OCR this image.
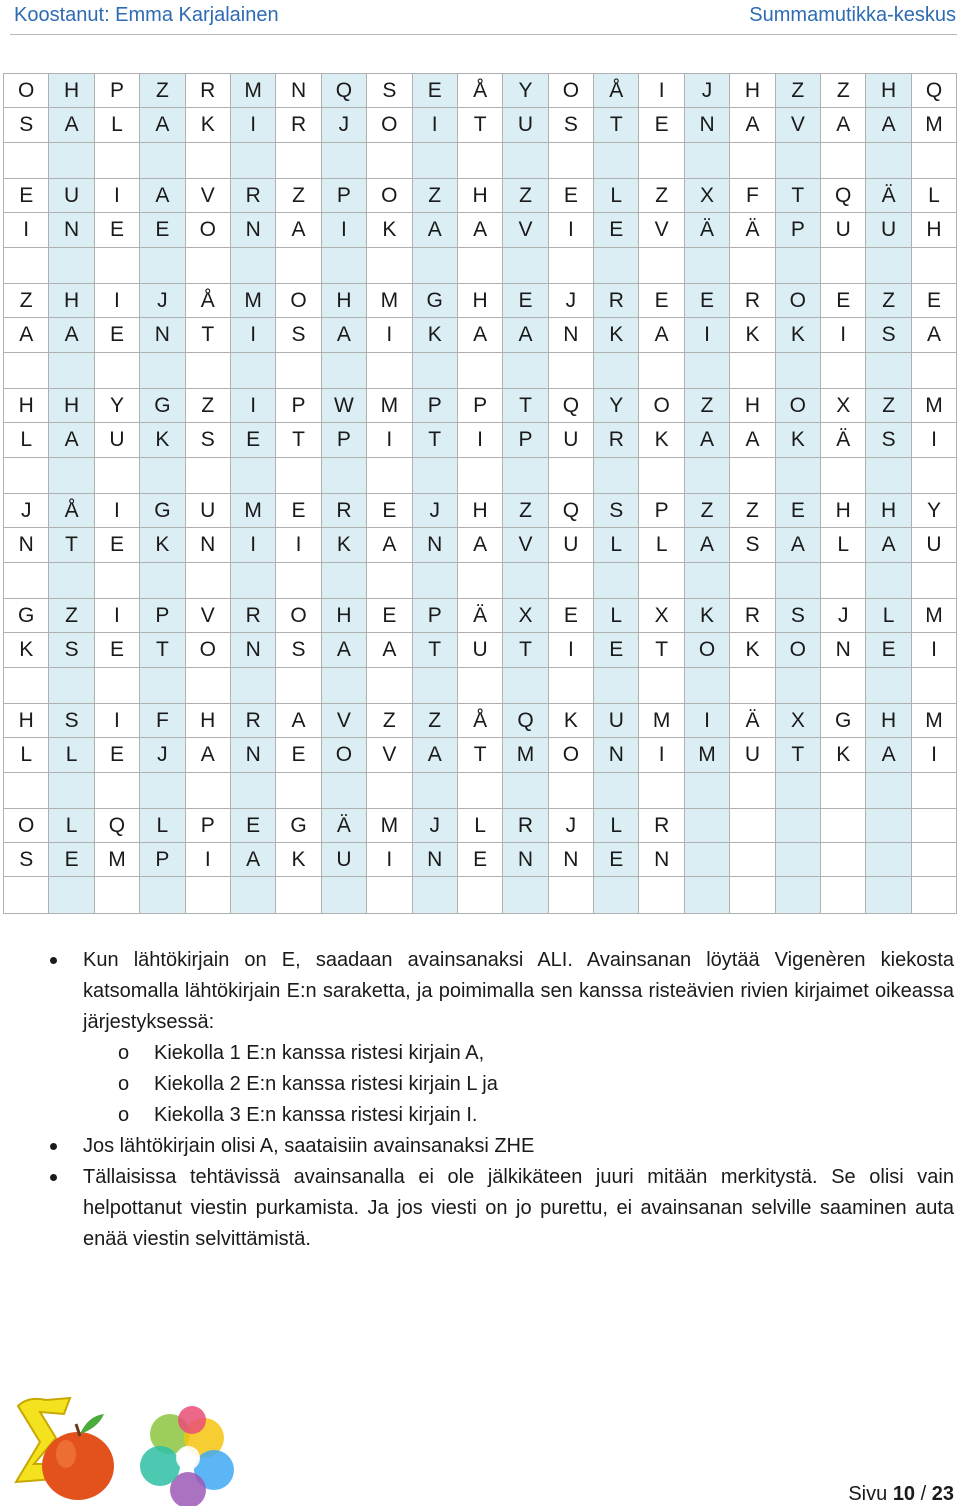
Koostanut: Emma Karjalainen	Summamutikka-keskus
O	H	P	Z	R	M	N	Q	S	E	Å	Y	O	Å	I	J	H	Z	Z	H	Q
S	A	L	A	K	I	R	J	O	I	T	U	S	T	E	N	A	V	A	A	M

E	U	I	A	V	R	Z	P	O	Z	H	Z	E	L	Z	X	F	T	Q	Ä	L
I	N	E	E	O	N	A	I	K	A	A	V	I	E	V	Ä	Ä	P	U	U	H

Z	H	I	J	Å	M	O	H	M	G	H	E	J	R	E	E	R	O	E	Z	E
A	A	E	N	T	I	S	A	I	K	A	A	N	K	A	I	K	K	I	S	A

H	H	Y	G	Z	I	P	W	M	P	P	T	Q	Y	O	Z	H	O	X	Z	M
L	A	U	K	S	E	T	P	I	T	I	P	U	R	K	A	A	K	Ä	S	I

J	Å	I	G	U	M	E	R	E	J	H	Z	Q	S	P	Z	Z	E	H	H	Y
N	T	E	K	N	I	I	K	A	N	A	V	U	L	L	A	S	A	L	A	U

G	Z	I	P	V	R	O	H	E	P	Ä	X	E	L	X	K	R	S	J	L	M
K	S	E	T	O	N	S	A	A	T	U	T	I	E	T	O	K	O	N	E	I

H	S	I	F	H	R	A	V	Z	Z	Å	Q	K	U	M	I	Ä	X	G	H	M
L	L	E	J	A	N	E	O	V	A	T	M	O	N	I	M	U	T	K	A	I

O	L	Q	L	P	E	G	Ä	M	J	L	R	J	L	R						
S	E	M	P	I	A	K	U	I	N	E	N	N	E	N						

Kun lähtökirjain on E, saadaan avainsanaksi ALI. Avainsanan löytää Vigenèren kiekosta katsomalla lähtökirjain E:n saraketta, ja poimimalla sen kanssa risteävien rivien kirjaimet oikeassa järjestyksessä:
o Kiekolla 1 E:n kanssa ristesi kirjain A,
o Kiekolla 2 E:n kanssa ristesi kirjain L ja
o Kiekolla 3 E:n kanssa ristesi kirjain I.
Jos lähtökirjain olisi A, saataisiin avainsanaksi ZHE
Tällaisissa tehtävissä avainsanalla ei ole jälkikäteen juuri mitään merkitystä. Se olisi vain helpottanut viestin purkamista. Ja jos viesti on jo purettu, ei avainsanan selville saaminen auta enää viestin selvittämistä.
Sivu 10 / 23
